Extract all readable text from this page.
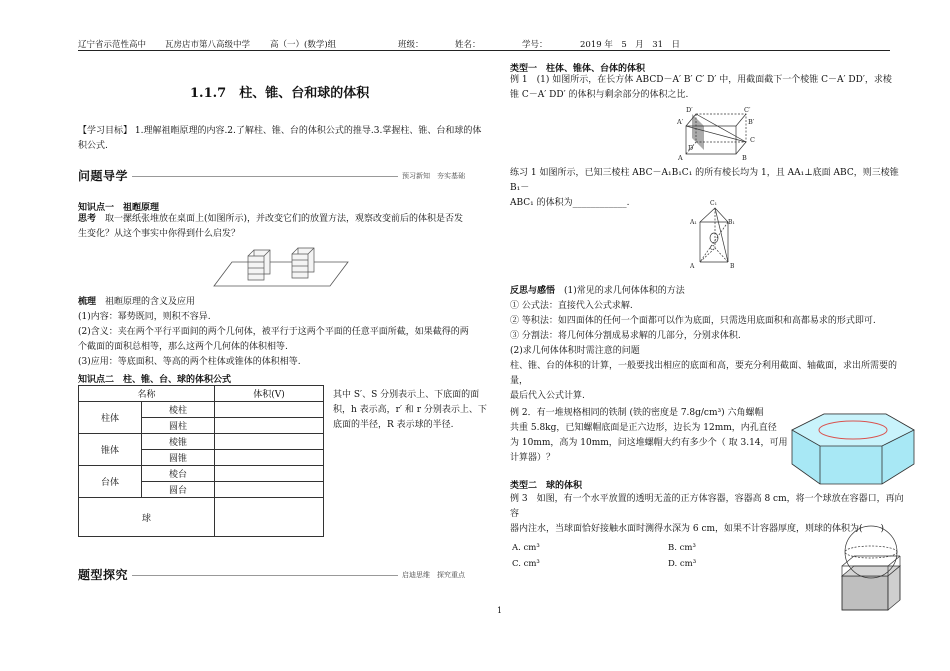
辽宁省示范性高中 瓦房店市第八高级中学 高（一）(数学)组	班级：	姓名：	学号：	2019 年　5　月　31　日
1.1.7　柱、锥、台和球的体积
【学习目标】 1.理解祖暅原理的内容.2.了解柱、锥、台的体积公式的推导.3.掌握柱、锥、台和球的体
积公式.
问题导学	预习新知　夯实基础
知识点一　祖暅原理
思考　 取一摞纸张堆放在桌面上(如图所示)，并改变它们的放置方法，观察改变前后的体积是否发
生变化？从这个事实中你得到什么启发？
梳理　 祖暅原理的含义及应用
(1)内容：幂势既同，则积不容异.
(2)含义：夹在两个平行平面间的两个几何体，被平行于这两个平面的任意平面所截，如果截得的两
个截面的面积总相等，那么这两个几何体的体积相等.
(3)应用：等底面积、等高的两个柱体或锥体的体积相等.
知识点二　柱、锥、台、球的体积公式
名称		体积(V)
柱体	棱柱	
	圆柱	
锥体	棱锥	
	圆锥	
台体	棱台	
	圆台	
球		
其中 S′、S 分别表示上、下底面的面
积，h 表示高，r′ 和 r 分别表示上、下
底面的半径，R 表示球的半径.
题型探究	启迪思维　探究重点
类型一　柱体、锥体、台体的体积
例 1　(1) 如图所示，在长方体 ABCD－A′ B′ C′ D′ 中，用截面截下一个棱锥 C－A′ DD′，求棱
锥 C－A′ DD′ 的体积与剩余部分的体积之比.
D′	C′
A′	B′
D
C
A	B
练习 1 如图所示，已知三棱柱 ABC－A₁B₁C₁ 的所有棱长均为 1，且 AA₁⊥底面 ABC，则三棱锥 B₁－
ABC₁ 的体积为____________.	C₁
A₁	B₁
C
A	B
反思与感悟　 (1)常见的求几何体体积的方法
① 公式法：直接代入公式求解.
② 等积法：如四面体的任何一个面都可以作为底面，只需选用底面积和高都易求的形式即可.
③ 分割法：将几何体分割成易求解的几部分，分别求体积.
(2)求几何体体积时需注意的问题
柱、锥、台的体积的计算，一般要找出相应的底面和高，要充分利用截面、轴截面，求出所需要的量，
最后代入公式计算.
例 2．有一堆规格相同的铁制 (铁的密度是 7.8g/cm³) 六角螺帽
共重 5.8kg，已知螺帽底面是正六边形，边长为 12mm，内孔直径
为 10mm，高为 10mm，问这堆螺帽大约有多少个（ 取 3.14，可用
计算器）？
类型二　球的体积
例 3　如图，有一个水平放置的透明无盖的正方体容器，容器高 8 cm，将一个球放在容器口，再向容
器内注水，当球面恰好接触水面时测得水深为 6 cm，如果不计容器厚度，则球的体积为(　　)
A. cm³	B. cm³
C. cm³	D. cm³
1
